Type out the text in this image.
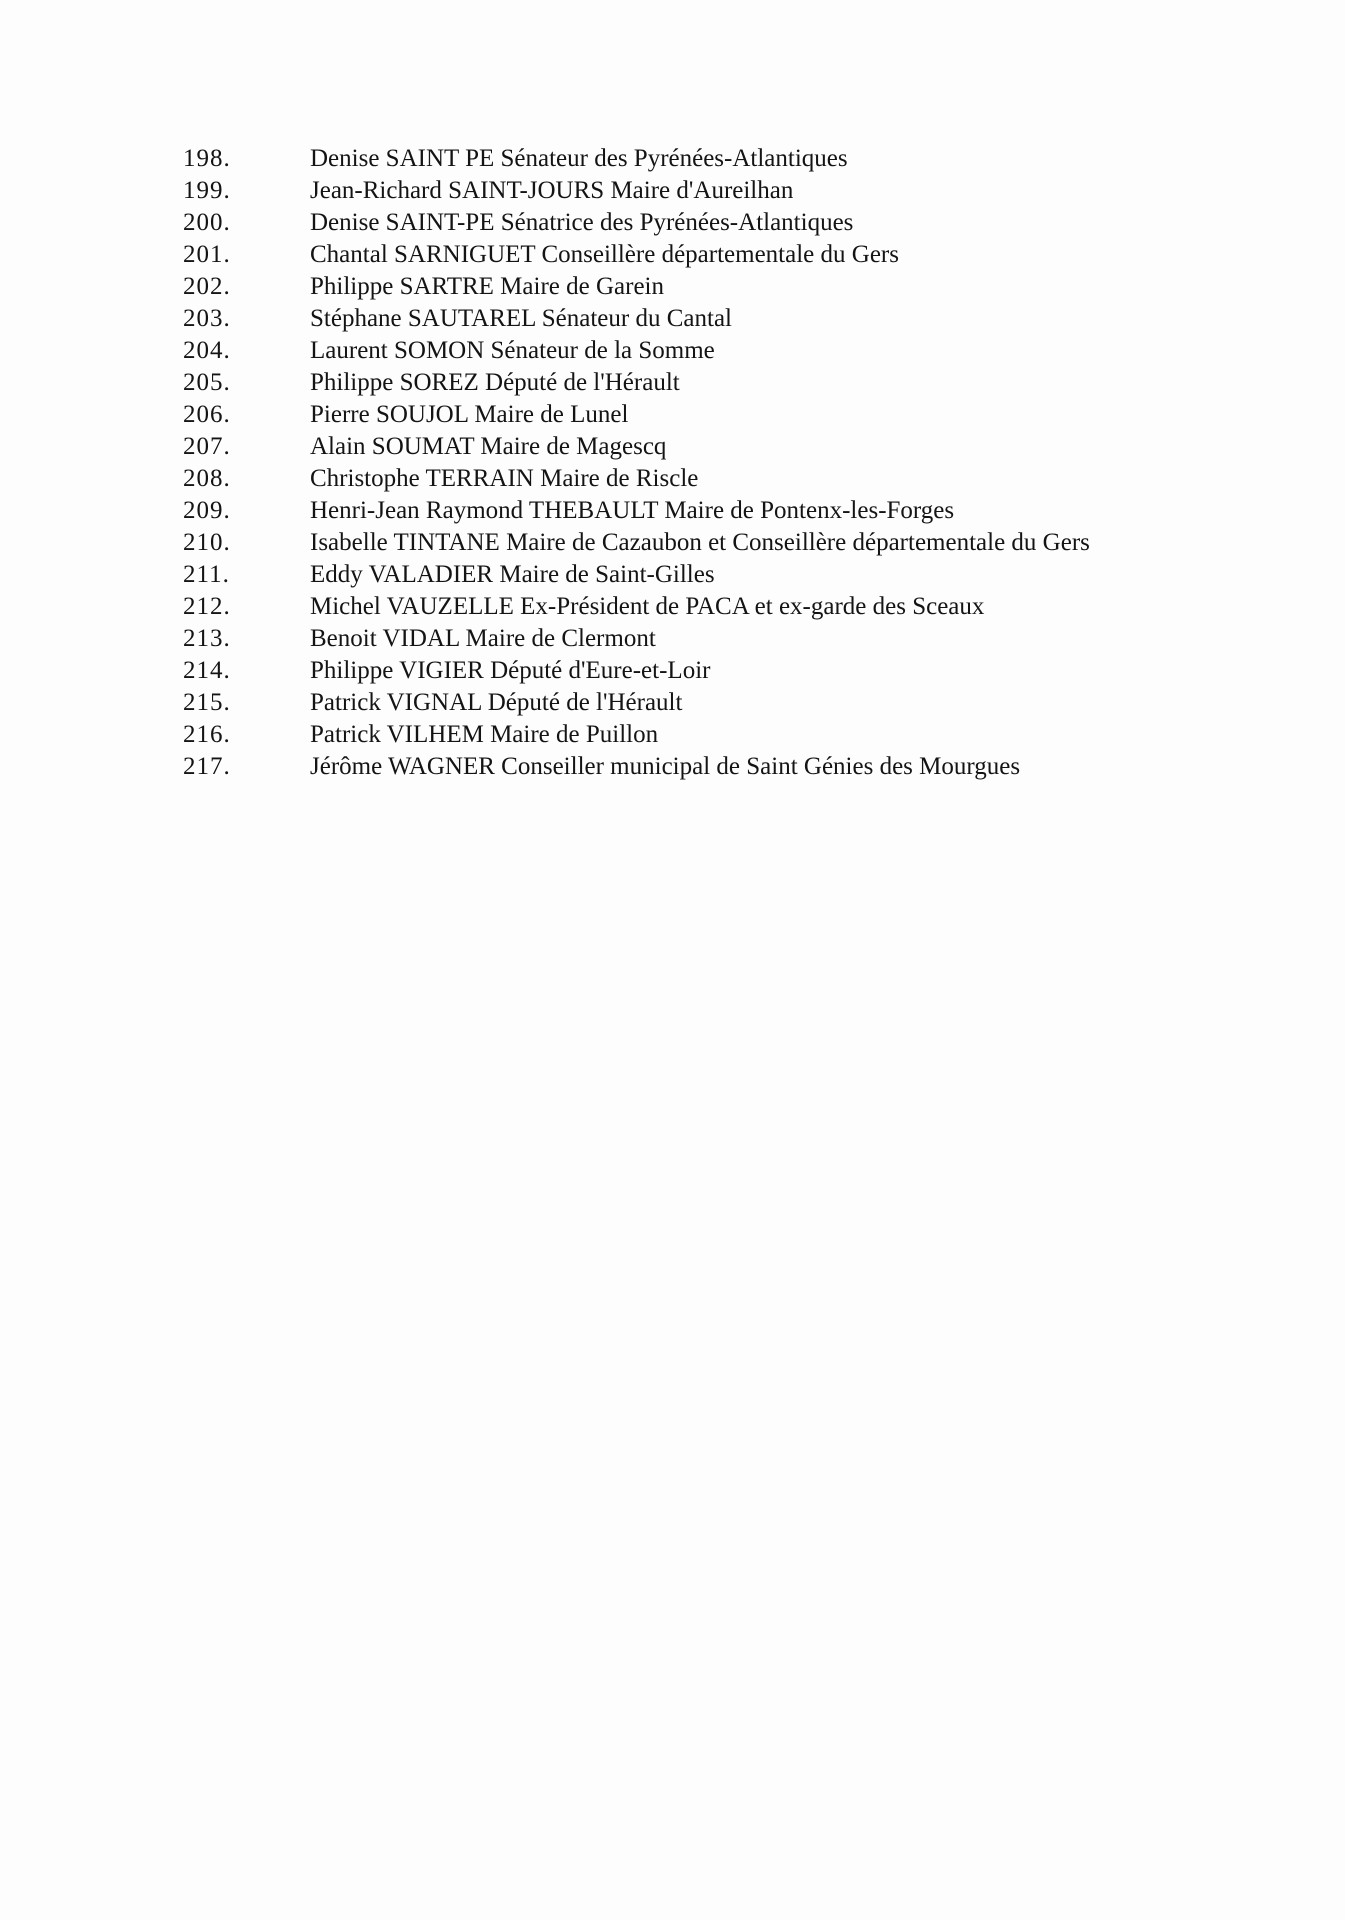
198.	Denise SAINT PE Sénateur des Pyrénées-Atlantiques
199.	Jean-Richard SAINT-JOURS Maire d'Aureilhan
200.	Denise SAINT-PE Sénatrice des Pyrénées-Atlantiques
201.	Chantal SARNIGUET Conseillère départementale du Gers
202.	Philippe SARTRE Maire de Garein
203.	Stéphane SAUTAREL Sénateur du Cantal
204.	Laurent SOMON Sénateur de la Somme
205.	Philippe SOREZ Député de l'Hérault
206.	Pierre SOUJOL Maire de Lunel
207.	Alain SOUMAT Maire de Magescq
208.	Christophe TERRAIN Maire de Riscle
209.	Henri-Jean Raymond THEBAULT Maire de Pontenx-les-Forges
210.	Isabelle TINTANE Maire de Cazaubon et Conseillère départementale du Gers
211.	Eddy VALADIER Maire de Saint-Gilles
212.	Michel VAUZELLE Ex-Président de PACA et ex-garde des Sceaux
213.	Benoit VIDAL Maire de Clermont
214.	Philippe VIGIER Député d'Eure-et-Loir
215.	Patrick VIGNAL Député de l'Hérault
216.	Patrick VILHEM Maire de Puillon
217.	Jérôme WAGNER Conseiller municipal de Saint Génies des Mourgues
